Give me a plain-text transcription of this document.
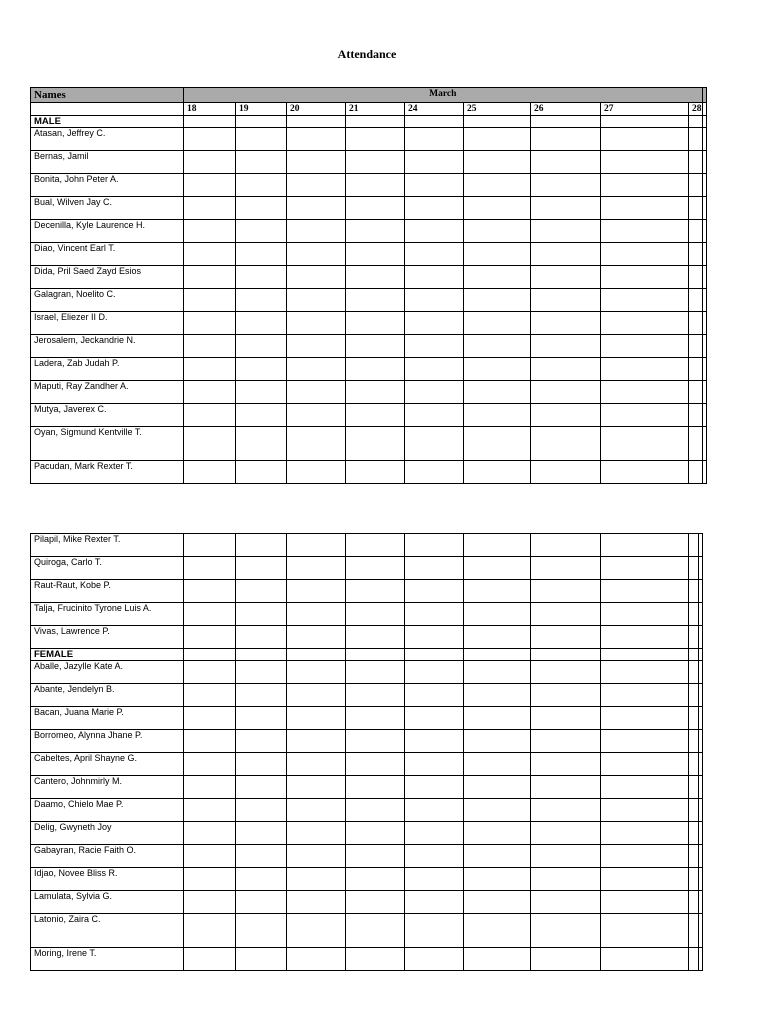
Attendance
Names	March									
	18	19	20	21	24	25	26	27	28	
MALE										
Atasan, Jeffrey C.										
Bernas, Jamil										
Bonita, John Peter A.										
Bual, Wilven Jay C.										
Decenilla, Kyle Laurence H.										
Diao, Vincent Earl T.										
Dida, Pril Saed Zayd Esios										
Galagran, Noelito C.										
Israel, Eliezer II D.										
Jerosalem, Jeckandrie N.										
Ladera, Zab Judah P.										
Maputi, Ray Zandher A.										
Mutya, Javerex C.										
Oyan, Sigmund Kentville T.										
Pacudan, Mark Rexter T.										
Pilapil, Mike Rexter T.										
Quiroga, Carlo T.										
Raut-Raut, Kobe P.										
Talja, Frucinito Tyrone Luis A.										
Vivas, Lawrence P.										
FEMALE										
Aballe, Jazylle Kate A.										
Abante, Jendelyn B.										
Bacan, Juana Marie P.										
Borromeo, Alynna Jhane P.										
Cabeltes, April Shayne G.										
Cantero, Johnmirly M.										
Daamo, Chielo Mae P.										
Delig, Gwyneth Joy										
Gabayran, Racie Faith O.										
Idjao, Novee Bliss R.										
Lamulata, Sylvia G.										
Latonio, Zaira C.										
Moring, Irene T.										
